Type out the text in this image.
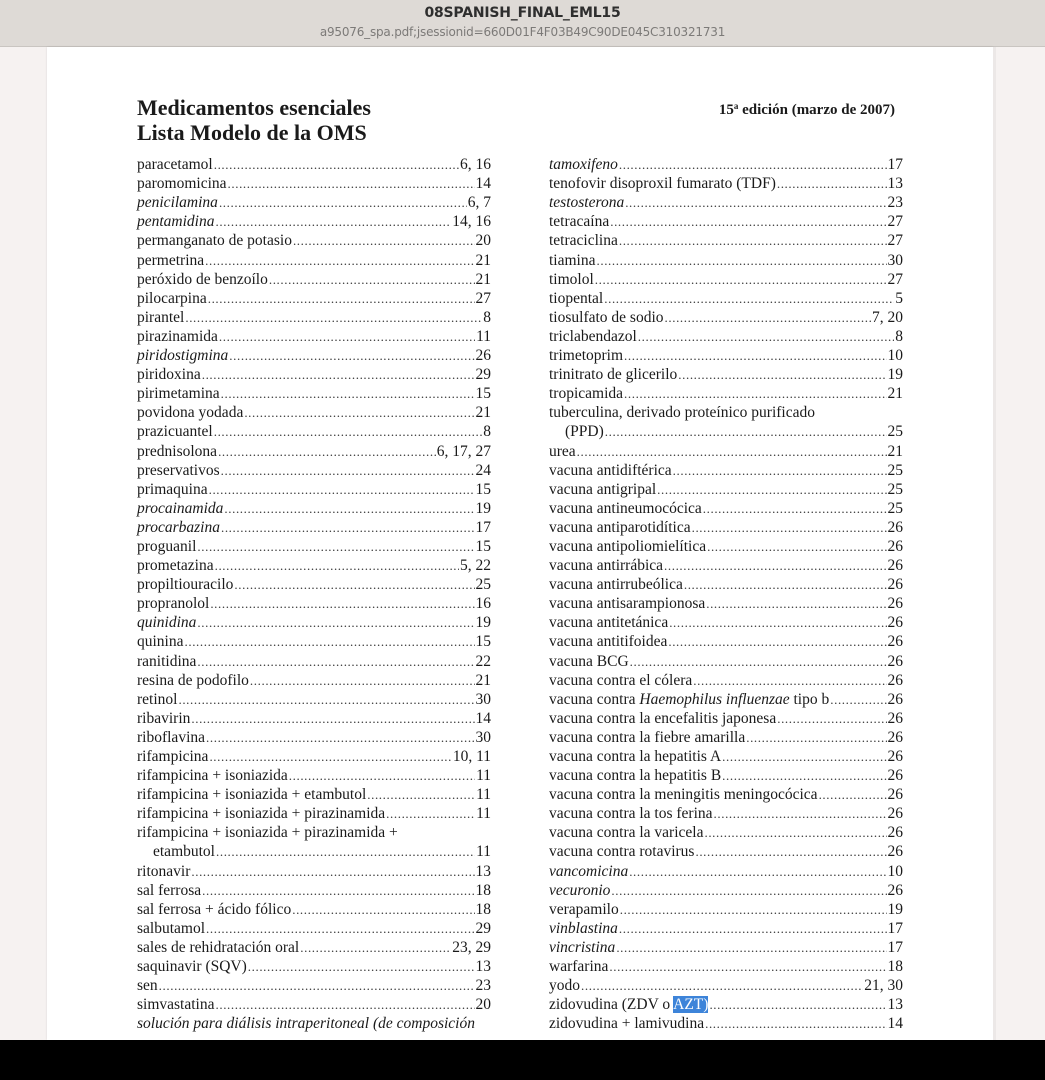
08SPANISH_FINAL_EML15
a95076_spa.pdf;jsessionid=660D01F4F03B49C90DE045C310321731
Medicamentos esenciales
Lista Modelo de la OMS
15$^a$ edición (marzo de 2007)
paracetamol .....	6, 16
paromomicina .....	14
penicilamina .....	6, 7
pentamidina .....	14, 16
permanganato de potasio .....	20
permetrina .....	21
peróxido de benzoílo .....	21
pilocarpina .....	27
pirantel .....	8
pirazinamida .....	11
piridostigmina .....	26
piridoxina .....	29
pirimetamina .....	15
povidona yodada .....	21
prazicuantel .....	8
prednisolona .....	6, 17, 27
preservativos .....	24
primaquina .....	15
procainamida .....	19
procarbazina .....	17
proguanil .....	15
prometazina .....	5, 22
propiltiouracilo .....	25
propranolol .....	16
quinidina .....	19
quinina .....	15
ranitidina .....	22
resina de podofilo .....	21
retinol .....	30
ribavirin .....	14
riboflavina .....	30
rifampicina .....	10, 11
rifampicina + isoniazida .....	11
rifampicina + isoniazida + etambutol .....	11
rifampicina + isoniazida + pirazinamida .....	11
rifampicina + isoniazida + pirazinamida +
etambutol .....	11
ritonavir .....	13
sal ferrosa .....	18
sal ferrosa + ácido fólico .....	18
salbutamol .....	29
sales de rehidratación oral .....	23, 29
saquinavir (SQV) .....	13
sen .....	23
simvastatina .....	20
solución para diálisis intraperitoneal (de composición
tamoxifeno .....	17
tenofovir disoproxil fumarato (TDF) .....	13
testosterona .....	23
tetracaína .....	27
tetraciclina .....	27
tiamina .....	30
timolol .....	27
tiopental .....	5
tiosulfato de sodio .....	7, 20
triclabendazol .....	8
trimetoprim .....	10
trinitrato de glicerilo .....	19
tropicamida .....	21
tuberculina, derivado proteínico purificado
(PPD) .....	25
urea .....	21
vacuna antidiftérica .....	25
vacuna antigripal .....	25
vacuna antineumocócica .....	25
vacuna antiparotidítica .....	26
vacuna antipoliomielítica .....	26
vacuna antirrábica .....	26
vacuna antirrubeólica .....	26
vacuna antisarampionosa .....	26
vacuna antitetánica .....	26
vacuna antitifoidea .....	26
vacuna BCG .....	26
vacuna contra el cólera .....	26
vacuna contra Haemophilus influenzae tipo b .....	26
vacuna contra la encefalitis japonesa .....	26
vacuna contra la fiebre amarilla .....	26
vacuna contra la hepatitis A .....	26
vacuna contra la hepatitis B .....	26
vacuna contra la meningitis meningocócica .....	26
vacuna contra la tos ferina .....	26
vacuna contra la varicela .....	26
vacuna contra rotavirus .....	26
vancomicina .....	10
vecuronio .....	26
verapamilo .....	19
vinblastina .....	17
vincristina .....	17
warfarina .....	18
yodo .....	21, 30
zidovudina (ZDV o AZT) .....	13
zidovudina + lamivudina .....	14
